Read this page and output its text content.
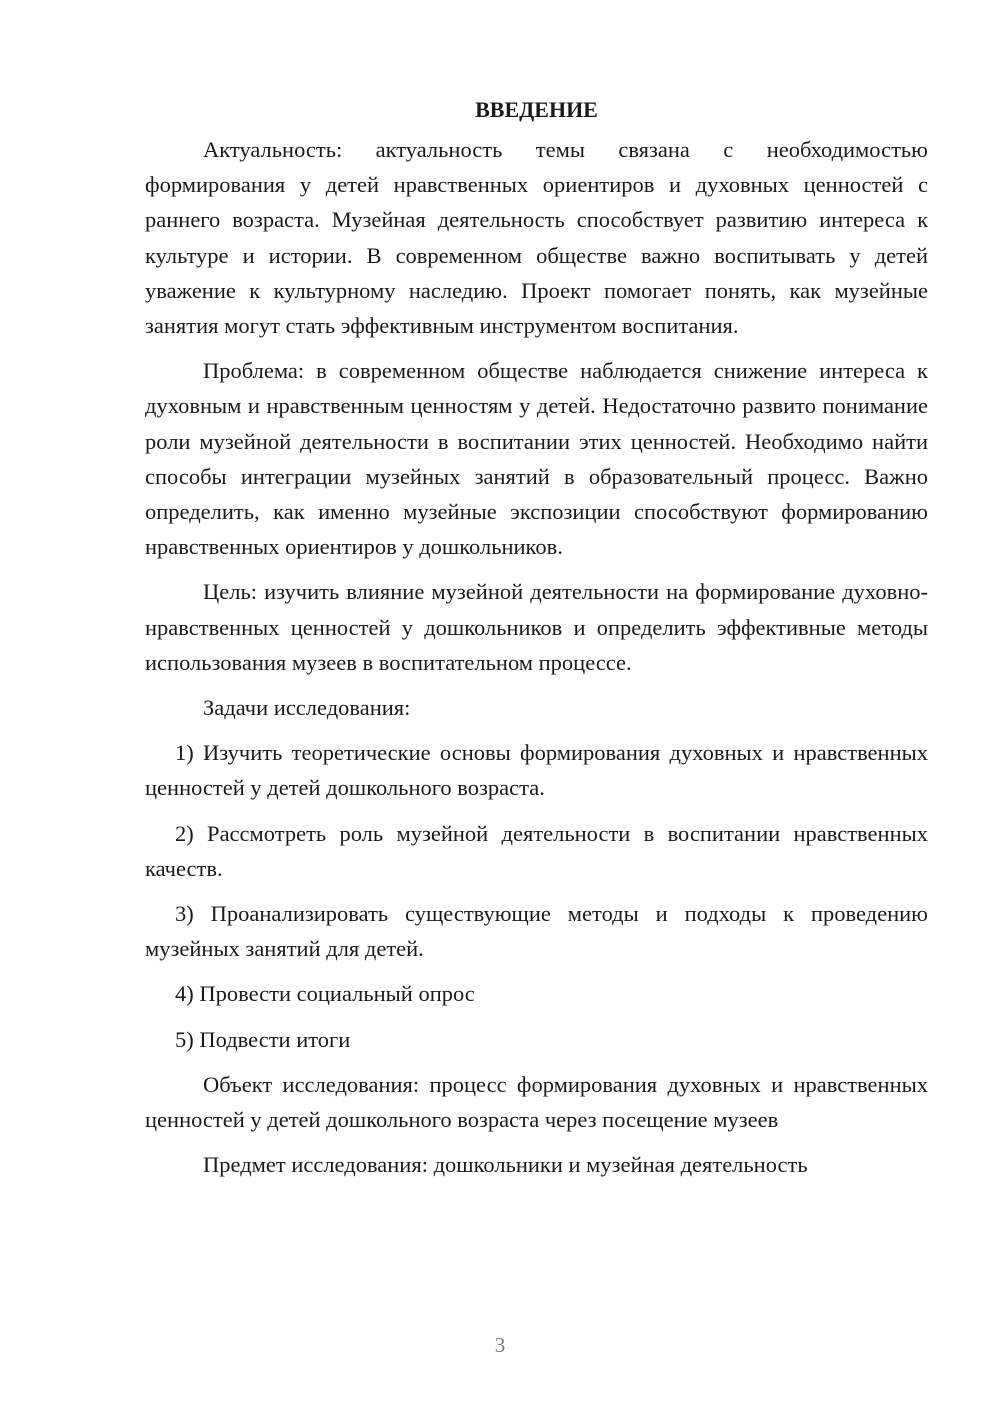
ВВЕДЕНИЕ

Актуальность: актуальность темы связана с необходимостью формирования у детей нравственных ориентиров и духовных ценностей с раннего возраста. Музейная деятельность способствует развитию интереса к культуре и истории. В современном обществе важно воспитывать у детей уважение к культурному наследию. Проект помогает понять, как музейные занятия могут стать эффективным инструментом воспитания.

Проблема: в современном обществе наблюдается снижение интереса к духовным и нравственным ценностям у детей. Недостаточно развито понимание роли музейной деятельности в воспитании этих ценностей. Необходимо найти способы интеграции музейных занятий в образовательный процесс. Важно определить, как именно музейные экспозиции способствуют формированию нравственных ориентиров у дошкольников.

Цель: изучить влияние музейной деятельности на формирование духовно-нравственных ценностей у дошкольников и определить эффективные методы использования музеев в воспитательном процессе.

Задачи исследования:

1) Изучить теоретические основы формирования духовных и нравственных ценностей у детей дошкольного возраста.

2) Рассмотреть роль музейной деятельности в воспитании нравственных качеств.

3) Проанализировать существующие методы и подходы к проведению музейных занятий для детей.

4) Провести социальный опрос

5) Подвести итоги

Объект исследования: процесс формирования духовных и нравственных ценностей у детей дошкольного возраста через посещение музеев

Предмет исследования: дошкольники и музейная деятельность

3
